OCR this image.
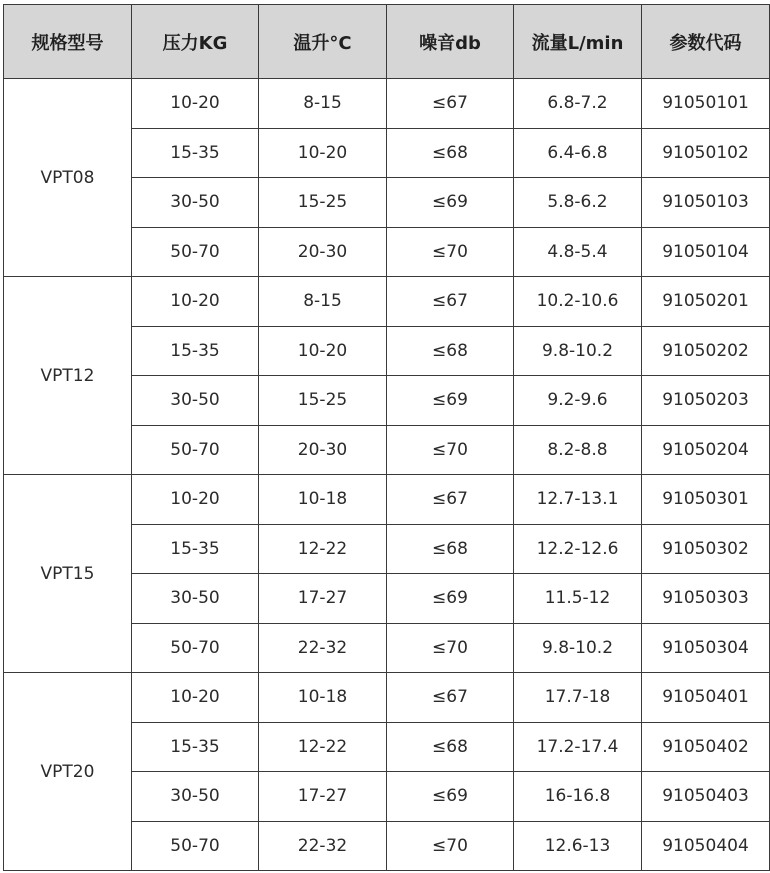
规格型号	压力KG	温升°C	噪音db	流量L/min	参数代码
VPT08	10-20	8-15	≤67	6.8-7.2	91050101
	15-35	10-20	≤68	6.4-6.8	91050102
	30-50	15-25	≤69	5.8-6.2	91050103
	50-70	20-30	≤70	4.8-5.4	91050104
VPT12	10-20	8-15	≤67	10.2-10.6	91050201
	15-35	10-20	≤68	9.8-10.2	91050202
	30-50	15-25	≤69	9.2-9.6	91050203
	50-70	20-30	≤70	8.2-8.8	91050204
VPT15	10-20	10-18	≤67	12.7-13.1	91050301
	15-35	12-22	≤68	12.2-12.6	91050302
	30-50	17-27	≤69	11.5-12	91050303
	50-70	22-32	≤70	9.8-10.2	91050304
VPT20	10-20	10-18	≤67	17.7-18	91050401
	15-35	12-22	≤68	17.2-17.4	91050402
	30-50	17-27	≤69	16-16.8	91050403
	50-70	22-32	≤70	12.6-13	91050404
